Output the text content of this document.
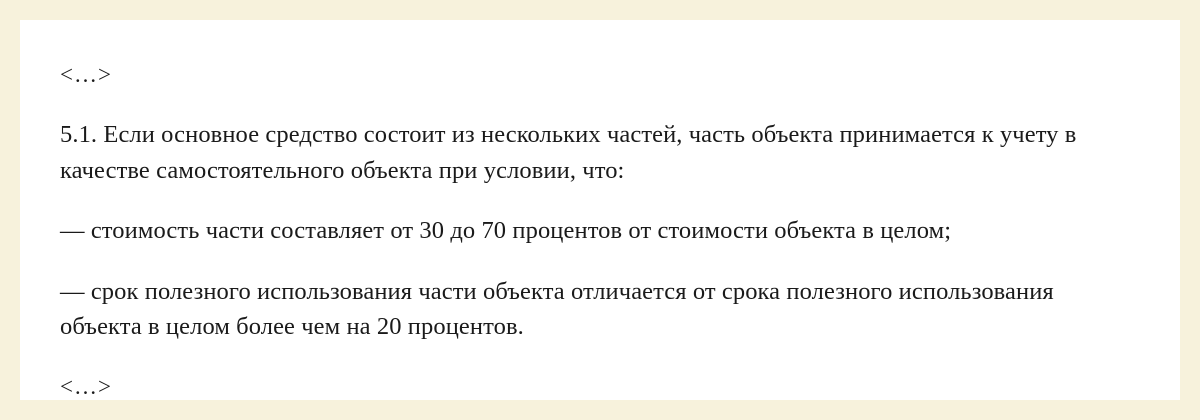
<…>

5.1. Если основное средство состоит из нескольких частей, часть объекта принимается к учету в качестве самостоятельного объекта при условии, что:

— стоимость части составляет от 30 до 70 процентов от стоимости объекта в целом;

— срок полезного использования части объекта отличается от срока полезного использования объекта в целом более чем на 20 процентов.

<…>
